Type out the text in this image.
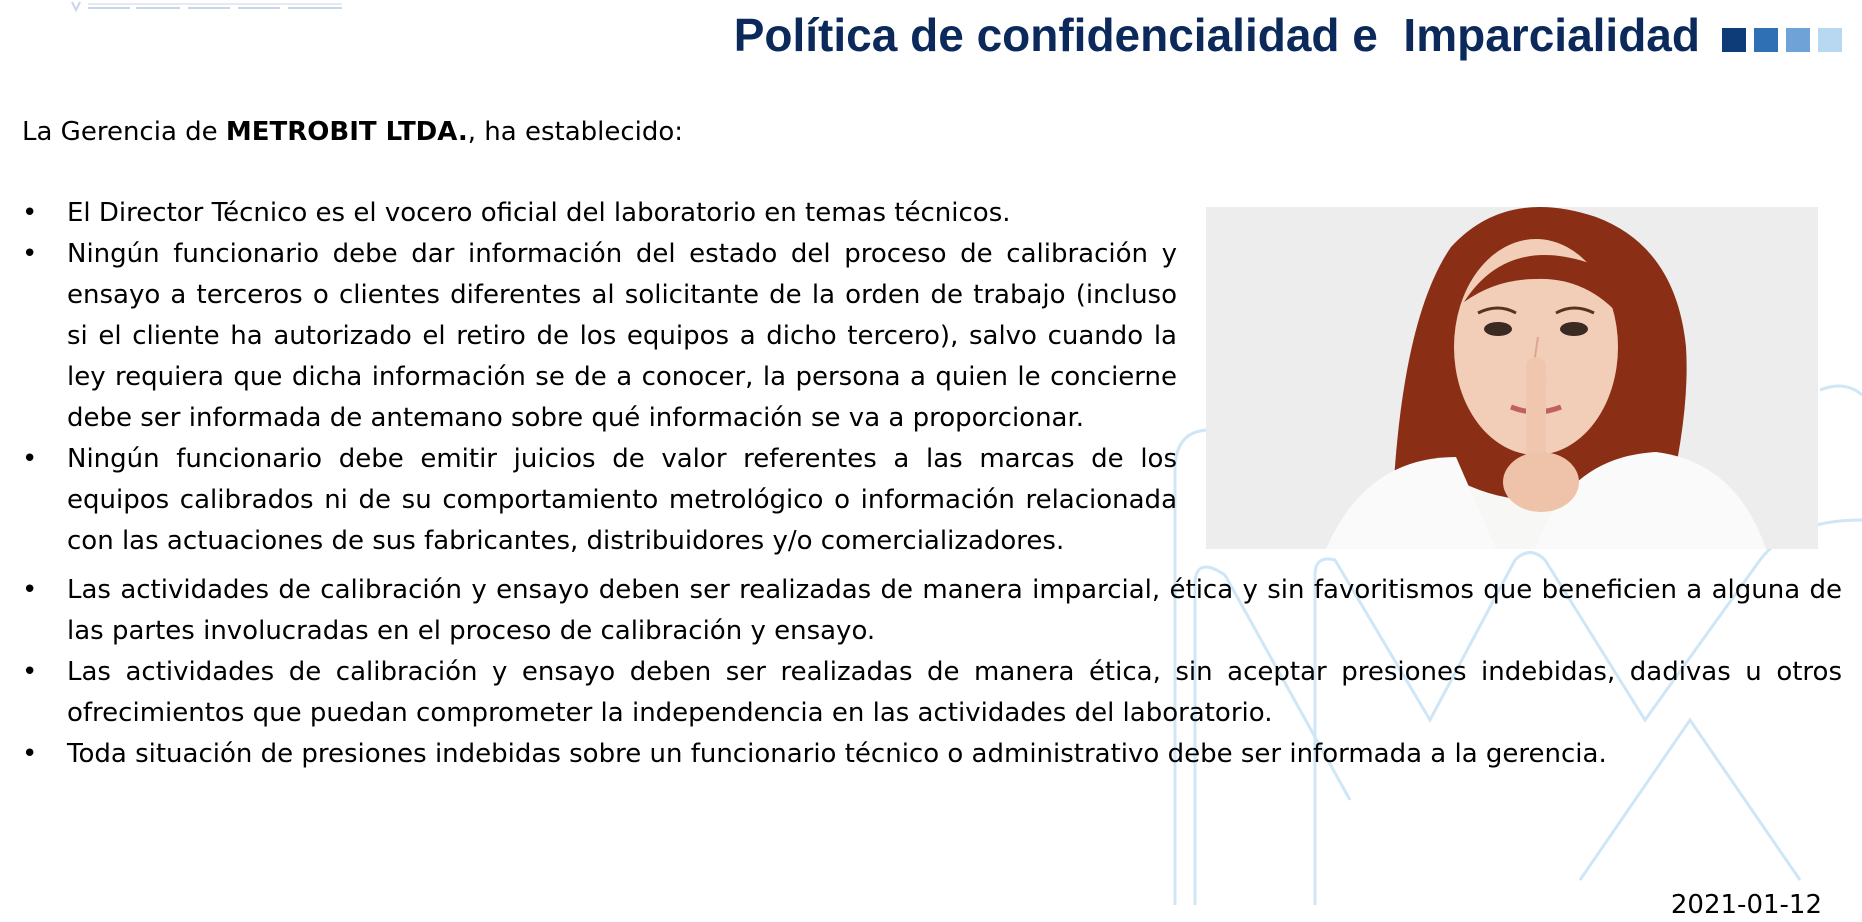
Política de confidencialidad e  Imparcialidad

La Gerencia de METROBIT LTDA., ha establecido:

• El Director Técnico es el vocero oficial del laboratorio en temas técnicos.
• Ningún funcionario debe dar información del estado del proceso de calibración y ensayo a terceros o clientes diferentes al solicitante de la orden de trabajo (incluso si el cliente ha autorizado el retiro de los equipos a dicho tercero), salvo cuando la ley requiera que dicha información se de a conocer, la persona a quien le concierne debe ser informada de antemano sobre qué información se va a proporcionar.
• Ningún funcionario debe emitir juicios de valor referentes a las marcas de los equipos calibrados ni de su comportamiento metrológico o información relacionada con las actuaciones de sus fabricantes, distribuidores y/o comercializadores.
• Las actividades de calibración y ensayo deben ser realizadas de manera imparcial, ética y sin favoritismos que beneficien a alguna de las partes involucradas en el proceso de calibración y ensayo.
• Las actividades de calibración y ensayo deben ser realizadas de manera ética, sin aceptar presiones indebidas, dadivas u otros ofrecimientos que puedan comprometer la independencia en las actividades del laboratorio.
• Toda situación de presiones indebidas sobre un funcionario técnico o administrativo debe ser informada a la gerencia.
2021-01-12
